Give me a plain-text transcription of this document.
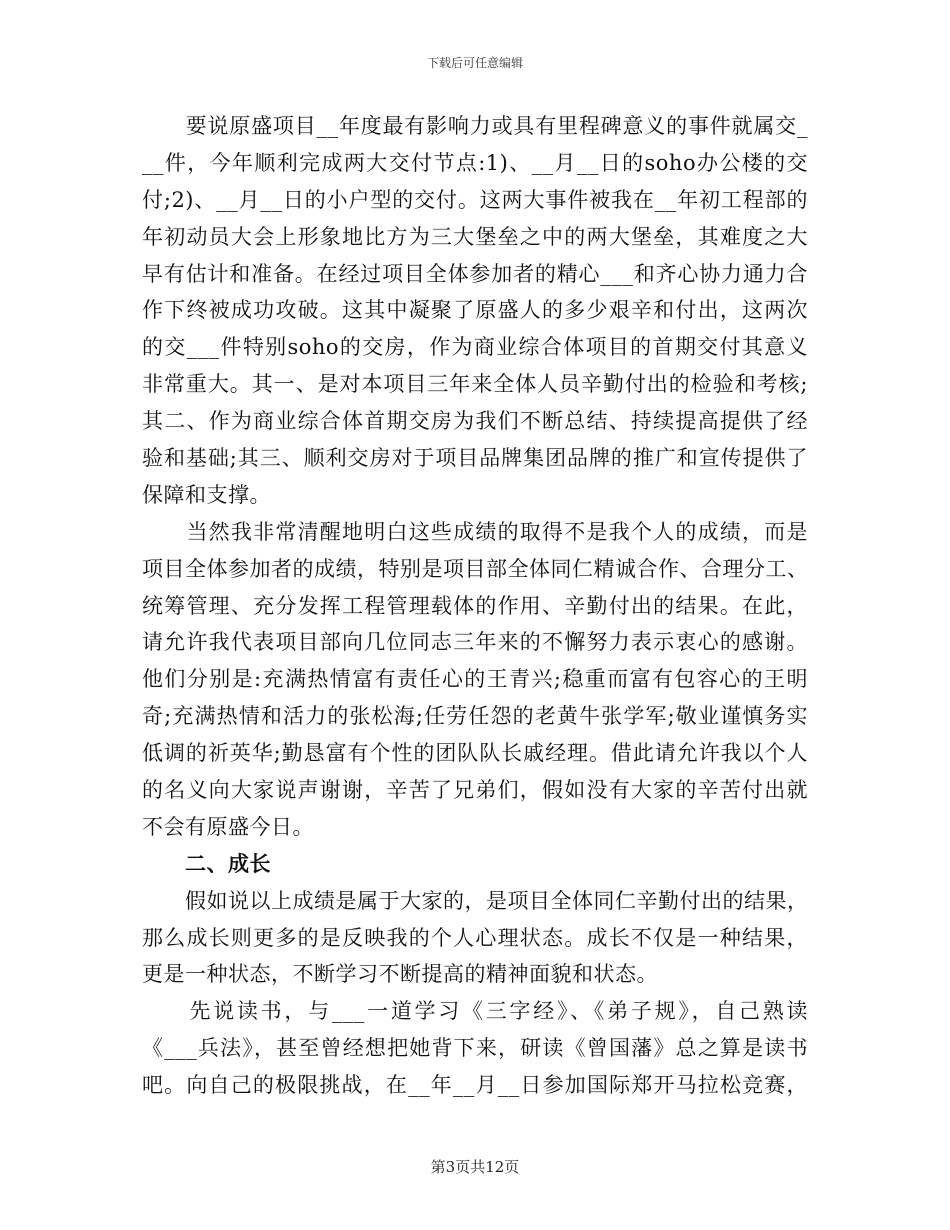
下载后可任意编辑
　　要说原盛项目__年度最有影响力或具有里程碑意义的事件就属交_
__件，今年顺利完成两大交付节点:1)、__月__日的soho办公楼的交
付;2)、__月__日的小户型的交付。这两大事件被我在__年初工程部的
年初动员大会上形象地比方为三大堡垒之中的两大堡垒，其难度之大
早有估计和准备。在经过项目全体参加者的精心___和齐心协力通力合
作下终被成功攻破。这其中凝聚了原盛人的多少艰辛和付出，这两次
的交___件特别soho的交房，作为商业综合体项目的首期交付其意义
非常重大。其一、是对本项目三年来全体人员辛勤付出的检验和考核;
其二、作为商业综合体首期交房为我们不断总结、持续提高提供了经
验和基础;其三、顺利交房对于项目品牌集团品牌的推广和宣传提供了
保障和支撑。
　　当然我非常清醒地明白这些成绩的取得不是我个人的成绩，而是
项目全体参加者的成绩，特别是项目部全体同仁精诚合作、合理分工、
统筹管理、充分发挥工程管理载体的作用、辛勤付出的结果。在此，
请允许我代表项目部向几位同志三年来的不懈努力表示衷心的感谢。
他们分别是:充满热情富有责任心的王青兴;稳重而富有包容心的王明
奇;充满热情和活力的张松海;任劳任怨的老黄牛张学军;敬业谨慎务实
低调的祈英华;勤恳富有个性的团队队长戚经理。借此请允许我以个人
的名义向大家说声谢谢，辛苦了兄弟们，假如没有大家的辛苦付出就
不会有原盛今日。
　　二、成长
　　假如说以上成绩是属于大家的，是项目全体同仁辛勤付出的结果，
那么成长则更多的是反映我的个人心理状态。成长不仅是一种结果，
更是一种状态，不断学习不断提高的精神面貌和状态。
　　先说读书，与___一道学习《三字经》、《弟子规》，自己熟读
《___兵法》，甚至曾经想把她背下来，研读《曾国藩》总之算是读书
吧。向自己的极限挑战，在__年__月__日参加国际郑开马拉松竞赛，
第3页共12页
